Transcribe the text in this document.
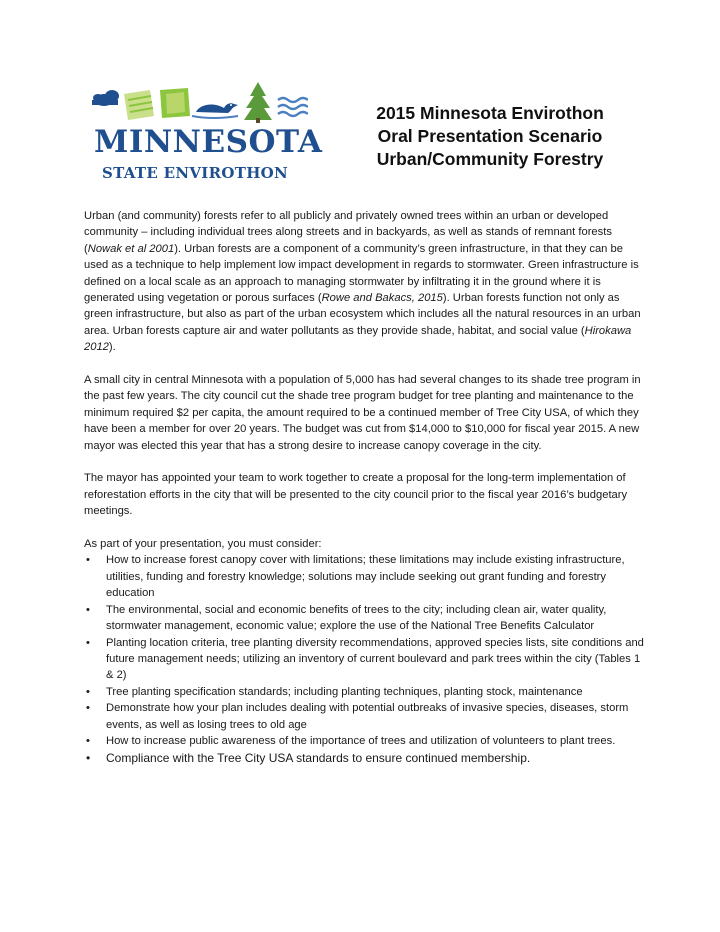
MINNESOTA
STATE ENVIROTHON
2015 Minnesota Envirothon
Oral Presentation Scenario
Urban/Community Forestry

Urban (and community) forests refer to all publicly and privately owned trees within an urban or developed community – including individual trees along streets and in backyards, as well as stands of remnant forests (Nowak et al 2001). Urban forests are a component of a community’s green infrastructure, in that they can be used as a technique to help implement low impact development in regards to stormwater. Green infrastructure is defined on a local scale as an approach to managing stormwater by infiltrating it in the ground where it is generated using vegetation or porous surfaces (Rowe and Bakacs, 2015). Urban forests function not only as green infrastructure, but also as part of the urban ecosystem which includes all the natural resources in an urban area. Urban forests capture air and water pollutants as they provide shade, habitat, and social value (Hirokawa 2012).

A small city in central Minnesota with a population of 5,000 has had several changes to its shade tree program in the past few years. The city council cut the shade tree program budget for tree planting and maintenance to the minimum required $2 per capita, the amount required to be a continued member of Tree City USA, of which they have been a member for over 20 years. The budget was cut from $14,000 to $10,000 for fiscal year 2015. A new mayor was elected this year that has a strong desire to increase canopy coverage in the city.

The mayor has appointed your team to work together to create a proposal for the long-term implementation of reforestation efforts in the city that will be presented to the city council prior to the fiscal year 2016’s budgetary meetings.

As part of your presentation, you must consider:

• How to increase forest canopy cover with limitations; these limitations may include existing infrastructure, utilities, funding and forestry knowledge; solutions may include seeking out grant funding and forestry education
• The environmental, social and economic benefits of trees to the city; including clean air, water quality, stormwater management, economic value; explore the use of the National Tree Benefits Calculator
• Planting location criteria, tree planting diversity recommendations, approved species lists, site conditions and future management needs; utilizing an inventory of current boulevard and park trees within the city (Tables 1 & 2)
• Tree planting specification standards; including planting techniques, planting stock, maintenance
• Demonstrate how your plan includes dealing with potential outbreaks of invasive species, diseases, storm events, as well as losing trees to old age
• How to increase public awareness of the importance of trees and utilization of volunteers to plant trees.
• Compliance with the Tree City USA standards to ensure continued membership.
